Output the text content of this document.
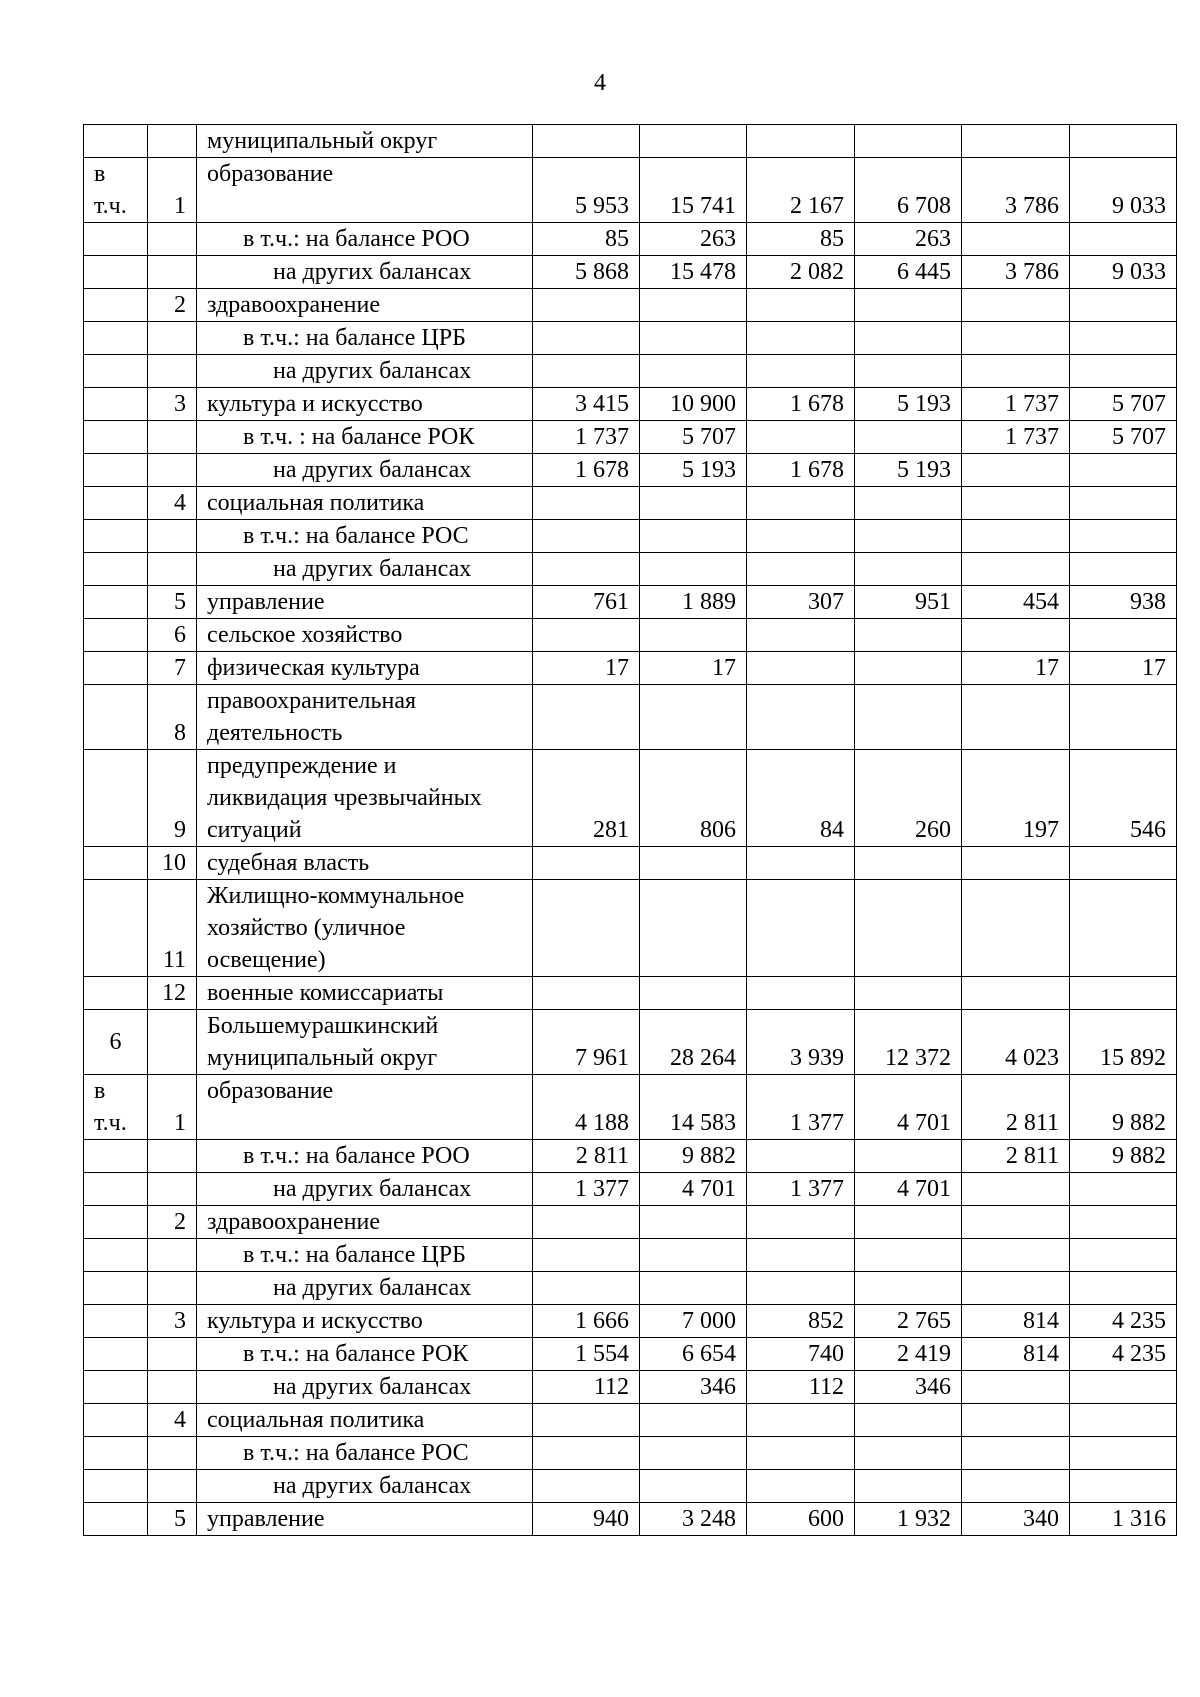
4
		муниципальный округ						
в т.ч.	1	образование	5 953	15 741	2 167	6 708	3 786	9 033
		в т.ч.: на балансе РОО	85	263	85	263		
		на других балансах	5 868	15 478	2 082	6 445	3 786	9 033
	2	здравоохранение						
		в т.ч.: на балансе ЦРБ						
		на других балансах						
	3	культура и искусство	3 415	10 900	1 678	5 193	1 737	5 707
		в т.ч. : на балансе РОК	1 737	5 707			1 737	5 707
		на других балансах	1 678	5 193	1 678	5 193		
	4	социальная политика						
		в т.ч.: на балансе РОС						
		на других балансах						
	5	управление	761	1 889	307	951	454	938
	6	сельское хозяйство						
	7	физическая культура	17	17			17	17
	8	правоохранительная деятельность						
	9	предупреждение и ликвидация чрезвычайных ситуаций	281	806	84	260	197	546
	10	судебная власть						
	11	Жилищно-коммунальное хозяйство (уличное освещение)						
	12	военные комиссариаты						
6		Большемурашкинский муниципальный округ	7 961	28 264	3 939	12 372	4 023	15 892
в т.ч.	1	образование	4 188	14 583	1 377	4 701	2 811	9 882
		в т.ч.: на балансе РОО	2 811	9 882			2 811	9 882
		на других балансах	1 377	4 701	1 377	4 701		
	2	здравоохранение						
		в т.ч.: на балансе ЦРБ						
		на других балансах						
	3	культура и искусство	1 666	7 000	852	2 765	814	4 235
		в т.ч.: на балансе РОК	1 554	6 654	740	2 419	814	4 235
		на других балансах	112	346	112	346		
	4	социальная политика						
		в т.ч.: на балансе РОС						
		на других балансах						
	5	управление	940	3 248	600	1 932	340	1 316
